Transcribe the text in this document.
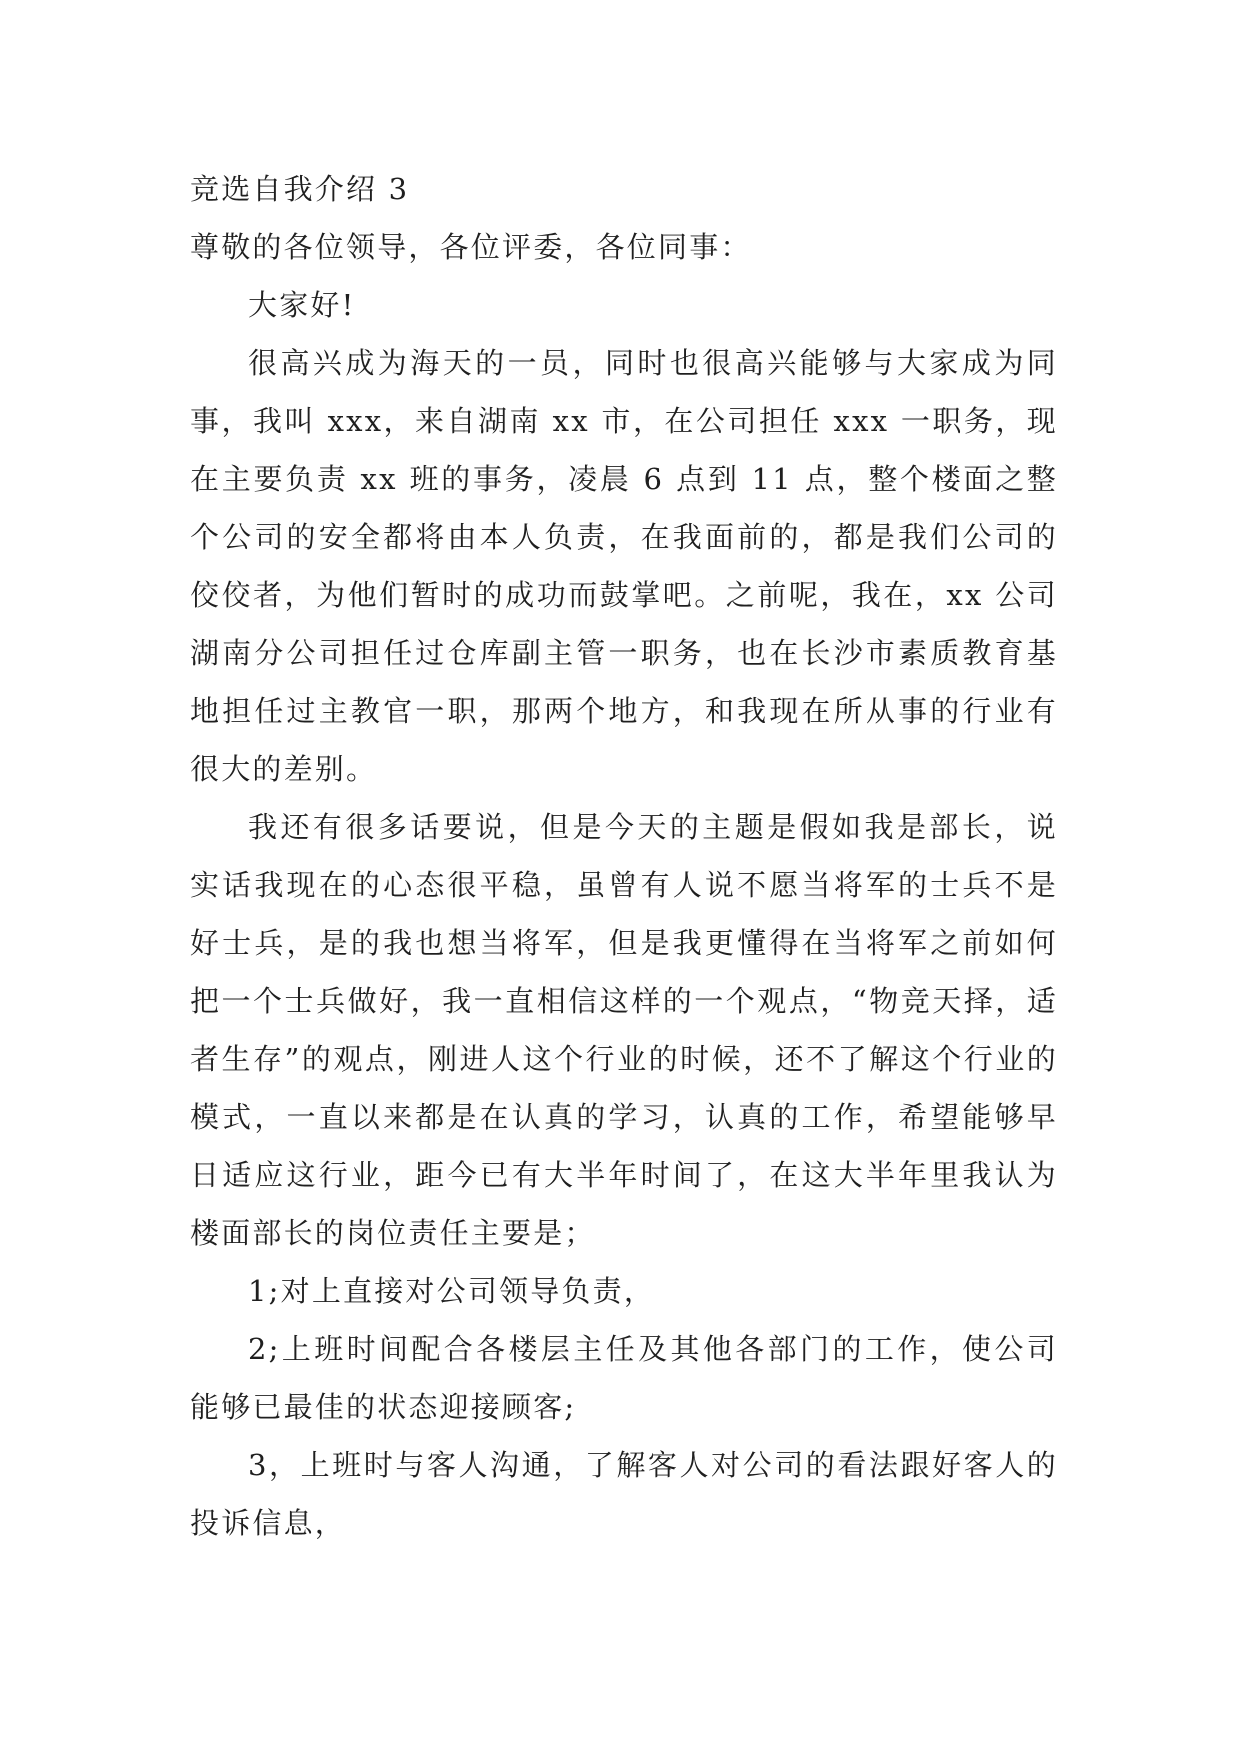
竞选自我介绍 3

尊敬的各位领导，各位评委，各位同事：

大家好!

很高兴成为海天的一员，同时也很高兴能够与大家成为同事，我叫 xxx，来自湖南 xx 市，在公司担任 xxx 一职务，现在主要负责 xx 班的事务，凌晨 6 点到 11 点，整个楼面之整个公司的安全都将由本人负责，在我面前的，都是我们公司的佼佼者，为他们暂时的成功而鼓掌吧。之前呢，我在，xx 公司湖南分公司担任过仓库副主管一职务，也在长沙市素质教育基地担任过主教官一职，那两个地方，和我现在所从事的行业有很大的差别。

我还有很多话要说，但是今天的主题是假如我是部长，说实话我现在的心态很平稳，虽曾有人说不愿当将军的士兵不是好士兵，是的我也想当将军，但是我更懂得在当将军之前如何把一个士兵做好，我一直相信这样的一个观点，“物竞天择，适者生存”的观点，刚进人这个行业的时候，还不了解这个行业的模式，一直以来都是在认真的学习，认真的工作，希望能够早日适应这行业，距今已有大半年时间了，在这大半年里我认为楼面部长的岗位责任主要是；

1;对上直接对公司领导负责，

2;上班时间配合各楼层主任及其他各部门的工作，使公司能够已最佳的状态迎接顾客;

3，上班时与客人沟通，了解客人对公司的看法跟好客人的投诉信息，
